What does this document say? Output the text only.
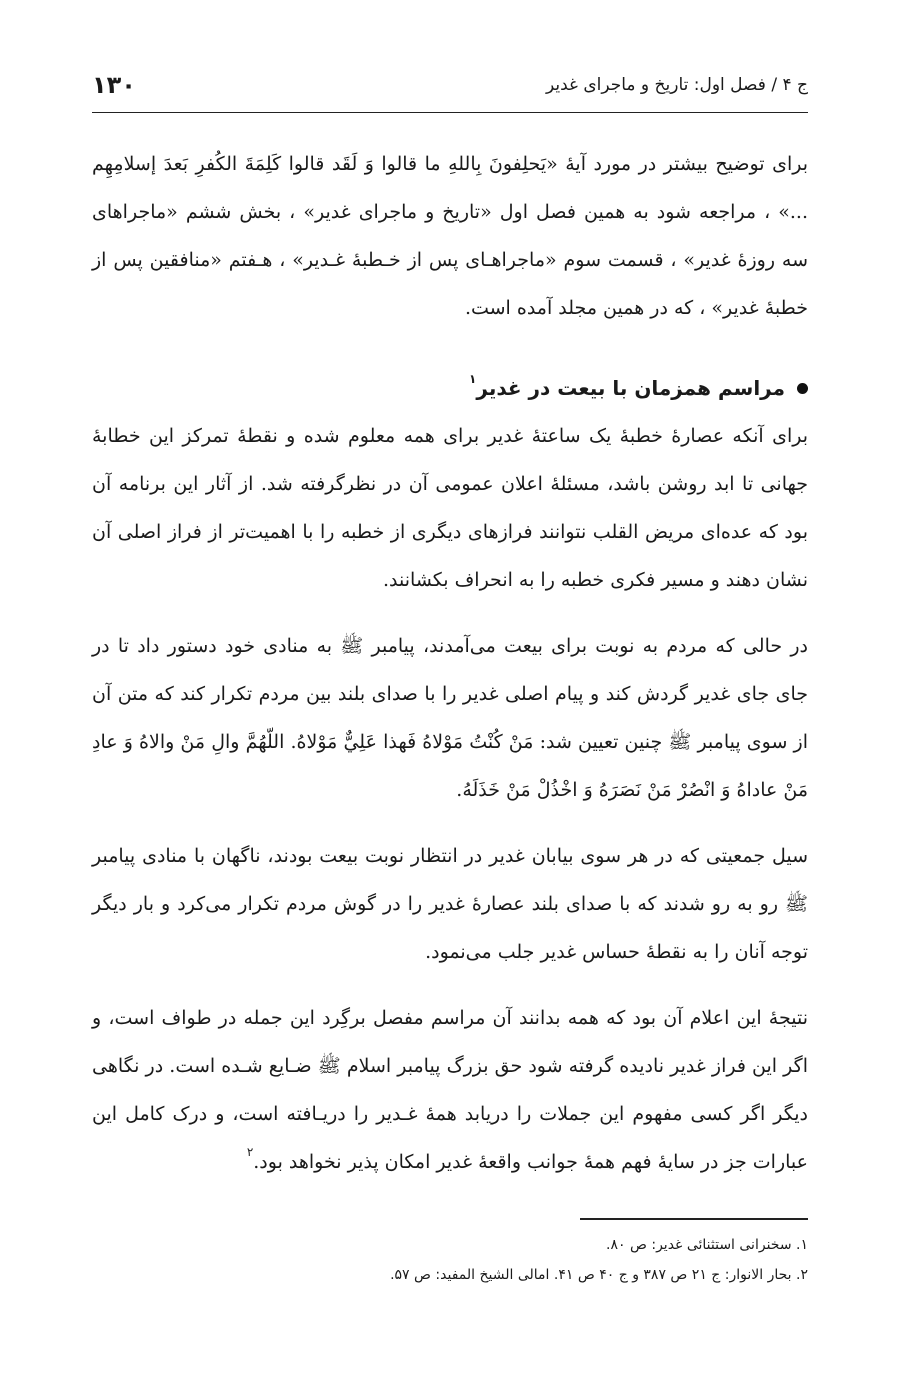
ج ۴ / فصل اول: تاریخ و ماجرای غدیر
۱۳۰

برای توضیح بیشتر در مورد آیهٔ «یَحلِفونَ بِاللهِ ما قالوا وَ لَقَد قالوا کَلِمَةَ الکُفرِ بَعدَ إسلامِهِم ...» ، مراجعه شود به همین فصل اول «تاریخ و ماجرای غدیر» ، بخش ششم «ماجراهای سه روزهٔ غدیر» ، قسمت سوم «ماجراهـای پس از خـطبهٔ غـدیر» ، هـفتم «منافقین پس از خطبهٔ غدیر» ، که در همین مجلد آمده است.

مراسم همزمان با بیعت در غدیر$^۱$

برای آنکه عصارهٔ خطبهٔ یک ساعتهٔ غدیر برای همه معلوم شده و نقطهٔ تمرکز این خطابهٔ جهانی تا ابد روشن باشد، مسئلهٔ اعلان عمومی آن در نظرگرفته شد. از آثار این برنامه آن بود که عده‌ای مریض القلب نتوانند فرازهای دیگری از خطبه را با اهمیت‌تر از فراز اصلی آن نشان دهند و مسیر فکری خطبه را به انحراف بکشانند.

در حالی که مردم به نوبت برای بیعت می‌آمدند، پیامبر ﷺ به منادی خود دستور داد تا در جای جای غدیر گردش کند و پیام اصلی غدیر را با صدای بلند بین مردم تکرار کند که متن آن از سوی پیامبر ﷺ چنین تعیین شد: مَنْ کُنْتُ مَوْلاهُ فَهذا عَلِيٌّ مَوْلاهُ. اللّهُمَّ والِ مَنْ والاهُ وَ عادِ مَنْ عاداهُ وَ انْصُرْ مَنْ نَصَرَهُ وَ اخْذُلْ مَنْ خَذَلَهُ.

سیل جمعیتی که در هر سوی بیابان غدیر در انتظار نوبت بیعت بودند، ناگهان با منادی پیامبر ﷺ رو به رو شدند که با صدای بلند عصارهٔ غدیر را در گوش مردم تکرار می‌کرد و بار دیگر توجه آنان را به نقطهٔ حساس غدیر جلب می‌نمود.

نتیجهٔ این اعلام آن بود که همه بدانند آن مراسم مفصل برگِرد این جمله در طواف است، و اگر این فراز غدیر نادیده گرفته شود حق بزرگ پیامبر اسلام ﷺ ضـایع شـده است. در نگاهی دیگر اگر کسی مفهوم این جملات را دریابد همهٔ غـدیر را دریـافته است، و درک کامل این عبارات جز در سایهٔ فهم همهٔ جوانب واقعهٔ غدیر امکان پذیر نخواهد بود.$^۲$

۱. سخنرانی استثنائی غدیر: ص ۸۰.
۲. بحار الانوار: ج ۲۱ ص ۳۸۷ و ج ۴۰ ص ۴۱. امالی الشیخ المفید: ص ۵۷.
